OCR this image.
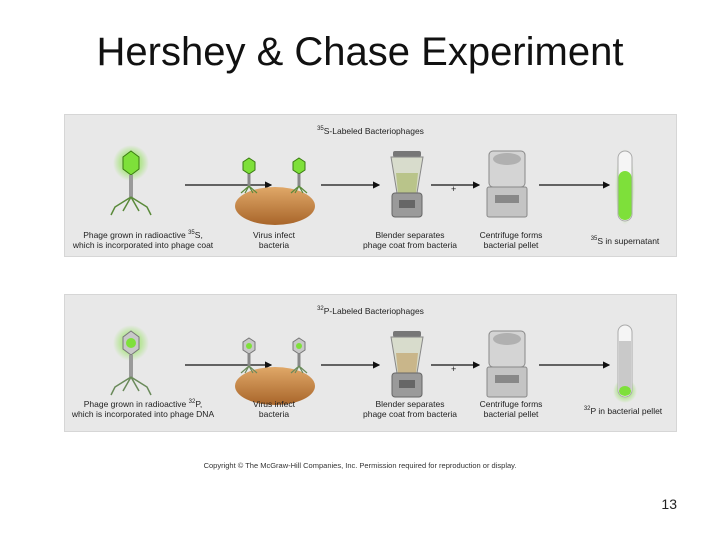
Hershey & Chase Experiment
$^{35}$S-Labeled Bacteriophages
+
Phage grown in radioactive $^{35}$S,
which is incorporated into phage coat
Virus infect
bacteria
Blender separates
phage coat from bacteria
Centrifuge forms
bacterial pellet
$^{35}$S in supernatant
$^{32}$P-Labeled Bacteriophages
+
Phage grown in radioactive $^{32}$P,
which is incorporated into phage DNA
Virus infect
bacteria
Blender separates
phage coat from bacteria
Centrifuge forms
bacterial pellet	$^{32}$P in bacterial pellet
Copyright © The McGraw-Hill Companies, Inc. Permission required for reproduction or display.
13
